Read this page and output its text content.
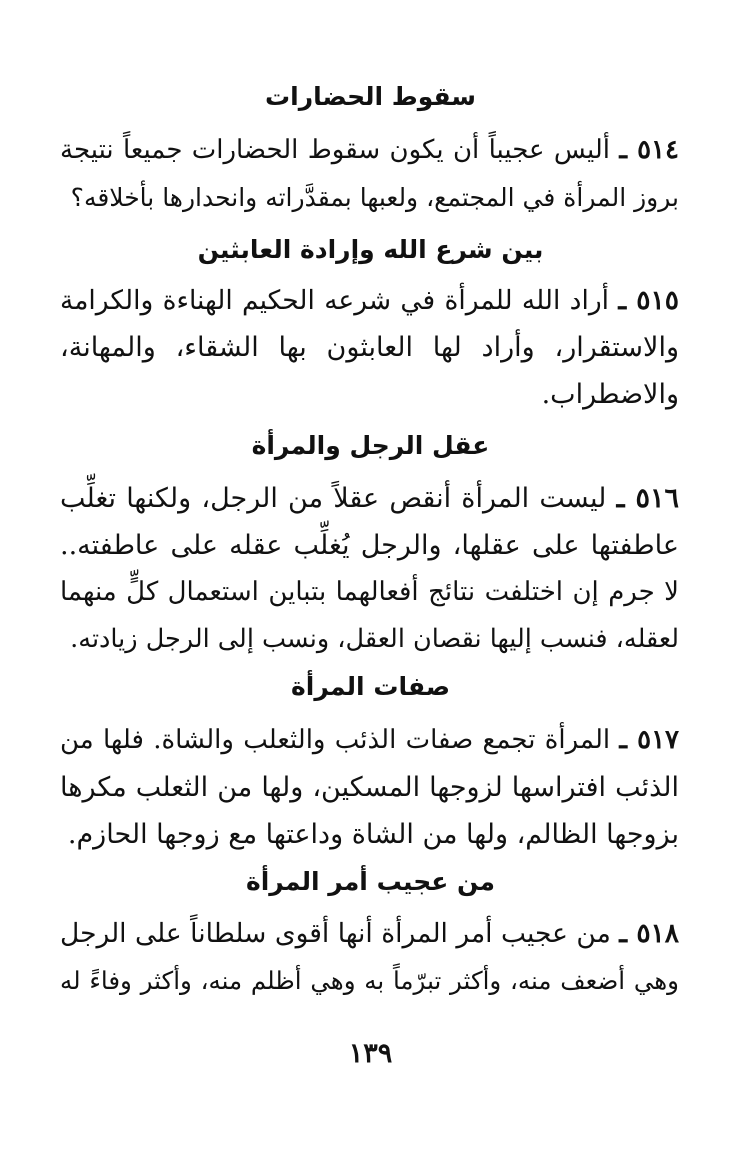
سقوط الحضارات
٥١٤ ـ أليس عجيباً أن يكون سقوط الحضارات جميعاً نتيجة
بروز المرأة في المجتمع، ولعبها بمقدَّراته وانحدارها بأخلاقه؟
بين شرع الله وإرادة العابثين
٥١٥ ـ أراد الله للمرأة في شرعه الحكيم الهناءة والكرامة
والاستقرار، وأراد لها العابثون بها الشقاء، والمهانة،
والاضطراب.
عقل الرجل والمرأة
٥١٦ ـ ليست المرأة أنقص عقلاً من الرجل، ولكنها تغلِّب
عاطفتها على عقلها، والرجل يُغلِّب عقله على عاطفته..
لا جرم إن اختلفت نتائج أفعالهما بتباين استعمال كلٍّ منهما
لعقله، فنسب إليها نقصان العقل، ونسب إلى الرجل زيادته.
صفات المرأة
٥١٧ ـ المرأة تجمع صفات الذئب والثعلب والشاة. فلها من
الذئب افتراسها لزوجها المسكين، ولها من الثعلب مكرها
بزوجها الظالم، ولها من الشاة وداعتها مع زوجها الحازم.
من عجيب أمر المرأة
٥١٨ ـ من عجيب أمر المرأة أنها أقوى سلطاناً على الرجل
وهي أضعف منه، وأكثر تبرّماً به وهي أظلم منه، وأكثر وفاءً له
١٣٩
